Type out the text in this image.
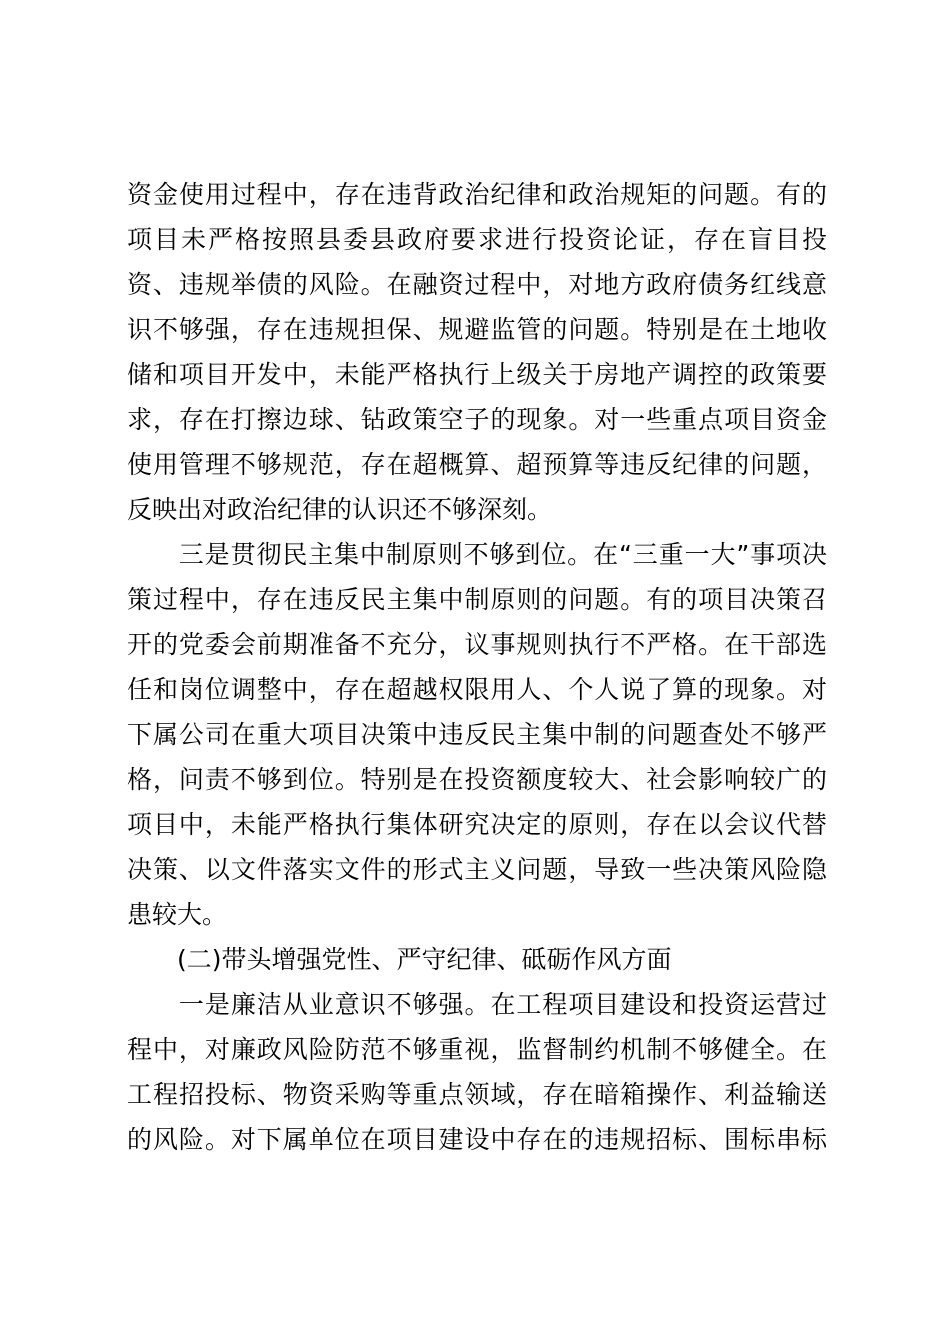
资金使用过程中，存在违背政治纪律和政治规矩的问题。有的
项目未严格按照县委县政府要求进行投资论证，存在盲目投
资、违规举债的风险。在融资过程中，对地方政府债务红线意
识不够强，存在违规担保、规避监管的问题。特别是在土地收
储和项目开发中，未能严格执行上级关于房地产调控的政策要
求，存在打擦边球、钻政策空子的现象。对一些重点项目资金
使用管理不够规范，存在超概算、超预算等违反纪律的问题，
反映出对政治纪律的认识还不够深刻。
　　三是贯彻民主集中制原则不够到位。在“三重一大”事项决
策过程中，存在违反民主集中制原则的问题。有的项目决策召
开的党委会前期准备不充分，议事规则执行不严格。在干部选
任和岗位调整中，存在超越权限用人、个人说了算的现象。对
下属公司在重大项目决策中违反民主集中制的问题查处不够严
格，问责不够到位。特别是在投资额度较大、社会影响较广的
项目中，未能严格执行集体研究决定的原则，存在以会议代替
决策、以文件落实文件的形式主义问题，导致一些决策风险隐
患较大。
　　(二)带头增强党性、严守纪律、砥砺作风方面
　　一是廉洁从业意识不够强。在工程项目建设和投资运营过
程中，对廉政风险防范不够重视，监督制约机制不够健全。在
工程招投标、物资采购等重点领域，存在暗箱操作、利益输送
的风险。对下属单位在项目建设中存在的违规招标、围标串标
